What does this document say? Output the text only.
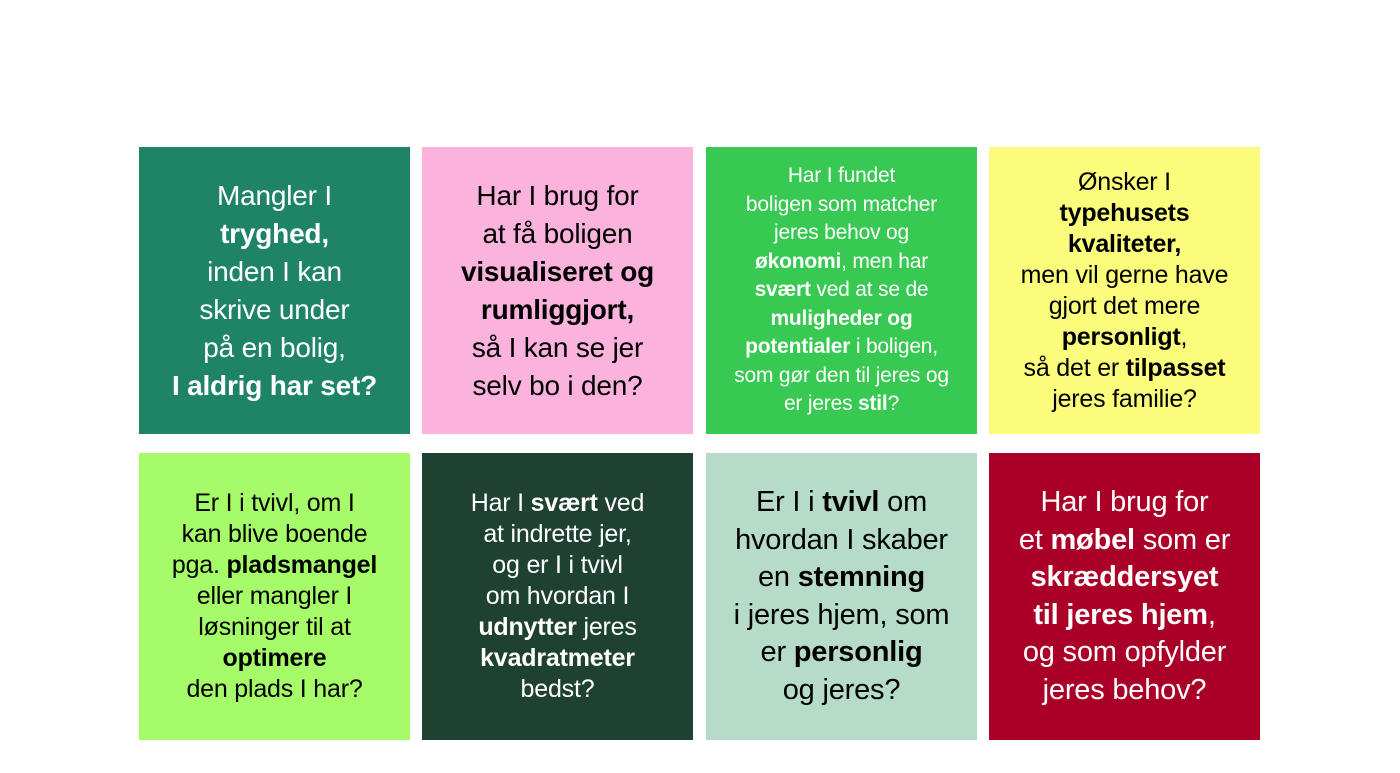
Mangler I
tryghed,
inden I kan
skrive under
på en bolig,
I aldrig har set?
Har I brug for
at få boligen
visualiseret og
rumliggjort,
så I kan se jer
selv bo i den?
Har I fundet
boligen som matcher
jeres behov og
økonomi, men har
svært ved at se de
muligheder og
potentialer i boligen,
som gør den til jeres og
er jeres stil?
Ønsker I
typehusets
kvaliteter,
men vil gerne have
gjort det mere
personligt,
så det er tilpasset
jeres familie?
Er I i tvivl, om I
kan blive boende
pga. pladsmangel
eller mangler I
løsninger til at
optimere
den plads I har?
Har I svært ved
at indrette jer,
og er I i tvivl
om hvordan I
udnytter jeres
kvadratmeter
bedst?
Er I i tvivl om
hvordan I skaber
en stemning
i jeres hjem, som
er personlig
og jeres?
Har I brug for
et møbel som er
skræddersyet
til jeres hjem,
og som opfylder
jeres behov?
